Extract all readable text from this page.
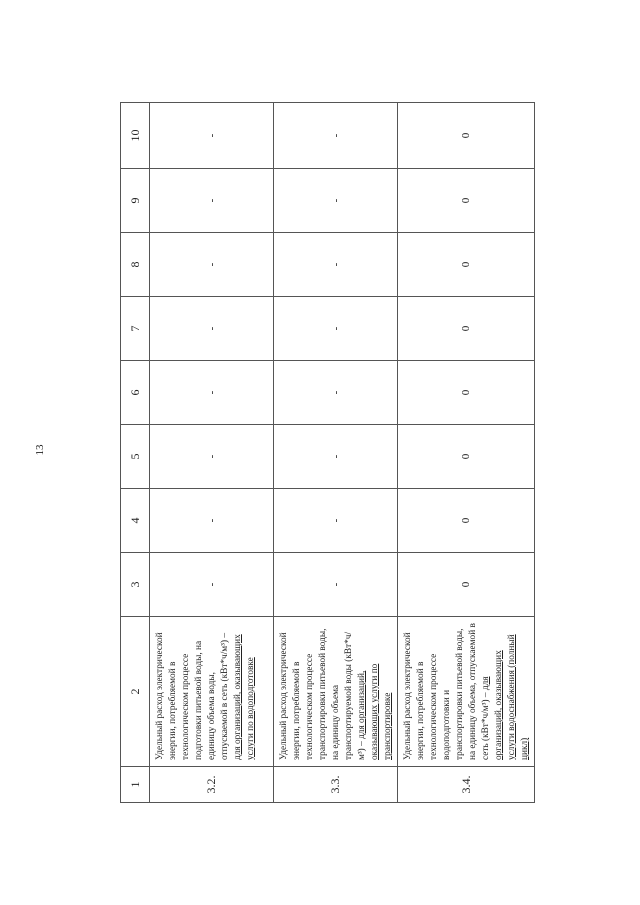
13
1	2	3	4	5	6	7	8	9	10
3.2.	Удельный расход электрической энергии, потребляемой в технологическом процессе подготовки питьевой воды, на единицу объема воды, отпускаемой в сеть (кВт*ч/м³) – для организаций, оказывающих услуги по водоподготовке	-	-	-	-	-	-	-	-
3.3.	Удельный расход электрической энергии, потребляемой в технологическом процессе транспортировки питьевой воды, на единицу объема транспортируемой воды (кВт*ч/м³) – для организаций, оказывающих услуги по транспортировке	-	-	-	-	-	-	-	-
3.4.	Удельный расход электрической энергии, потребляемой в технологическом процессе водоподготовки и транспортировки питьевой воды, на единицу объема, отпускаемой в сеть (кВт*ч/м³) – для организаций, оказывающих услуги водоснабжения (полный цикл)	0	0	0	0	0	0	0	0
